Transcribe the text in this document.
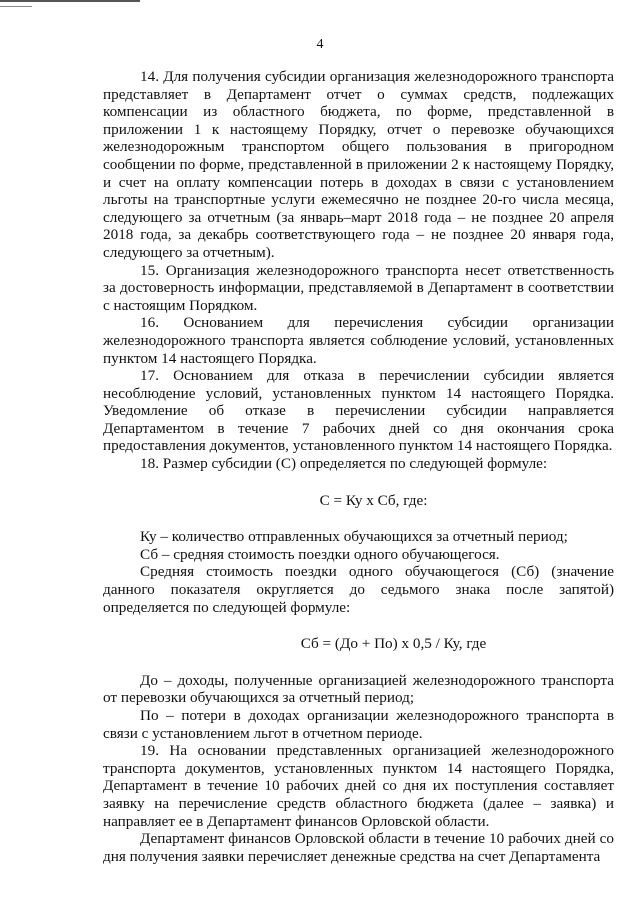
4

14. Для получения субсидии организация железнодорожного транспорта представляет в Департамент отчет о суммах средств, подлежащих компенсации из областного бюджета, по форме, представленной в приложении 1 к настоящему Порядку, отчет о перевозке обучающихся железнодорожным транспортом общего пользования в пригородном сообщении по форме, представленной в приложении 2 к настоящему Порядку, и счет на оплату компенсации потерь в доходах в связи с установлением льготы на транспортные услуги ежемесячно не позднее 20-го числа месяца, следующего за отчетным (за январь–март 2018 года – не позднее 20 апреля 2018 года, за декабрь соответствующего года – не позднее 20 января года, следующего за отчетным).

15. Организация железнодорожного транспорта несет ответственность за достоверность информации, представляемой в Департамент в соответствии с настоящим Порядком.

16. Основанием для перечисления субсидии организации железнодорожного транспорта является соблюдение условий, установленных пунктом 14 настоящего Порядка.

17. Основанием для отказа в перечислении субсидии является несоблюдение условий, установленных пунктом 14 настоящего Порядка. Уведомление об отказе в перечислении субсидии направляется Департаментом в течение 7 рабочих дней со дня окончания срока предоставления документов, установленного пунктом 14 настоящего Порядка.

18. Размер субсидии (С) определяется по следующей формуле:

С = Ку х Сб, где:

Ку – количество отправленных обучающихся за отчетный период;

Сб – средняя стоимость поездки одного обучающегося.

Средняя стоимость поездки одного обучающегося (Сб) (значение данного показателя округляется до седьмого знака после запятой) определяется по следующей формуле:

Сб = (До + По) х 0,5 / Ку, где

До – доходы, полученные организацией железнодорожного транспорта от перевозки обучающихся за отчетный период;

По – потери в доходах организации железнодорожного транспорта в связи с установлением льгот в отчетном периоде.

19. На основании представленных организацией железнодорожного транспорта документов, установленных пунктом 14 настоящего Порядка, Департамент в течение 10 рабочих дней со дня их поступления составляет заявку на перечисление средств областного бюджета (далее – заявка) и направляет ее в Департамент финансов Орловской области.

Департамент финансов Орловской области в течение 10 рабочих дней со дня получения заявки перечисляет денежные средства на счет Департамента
